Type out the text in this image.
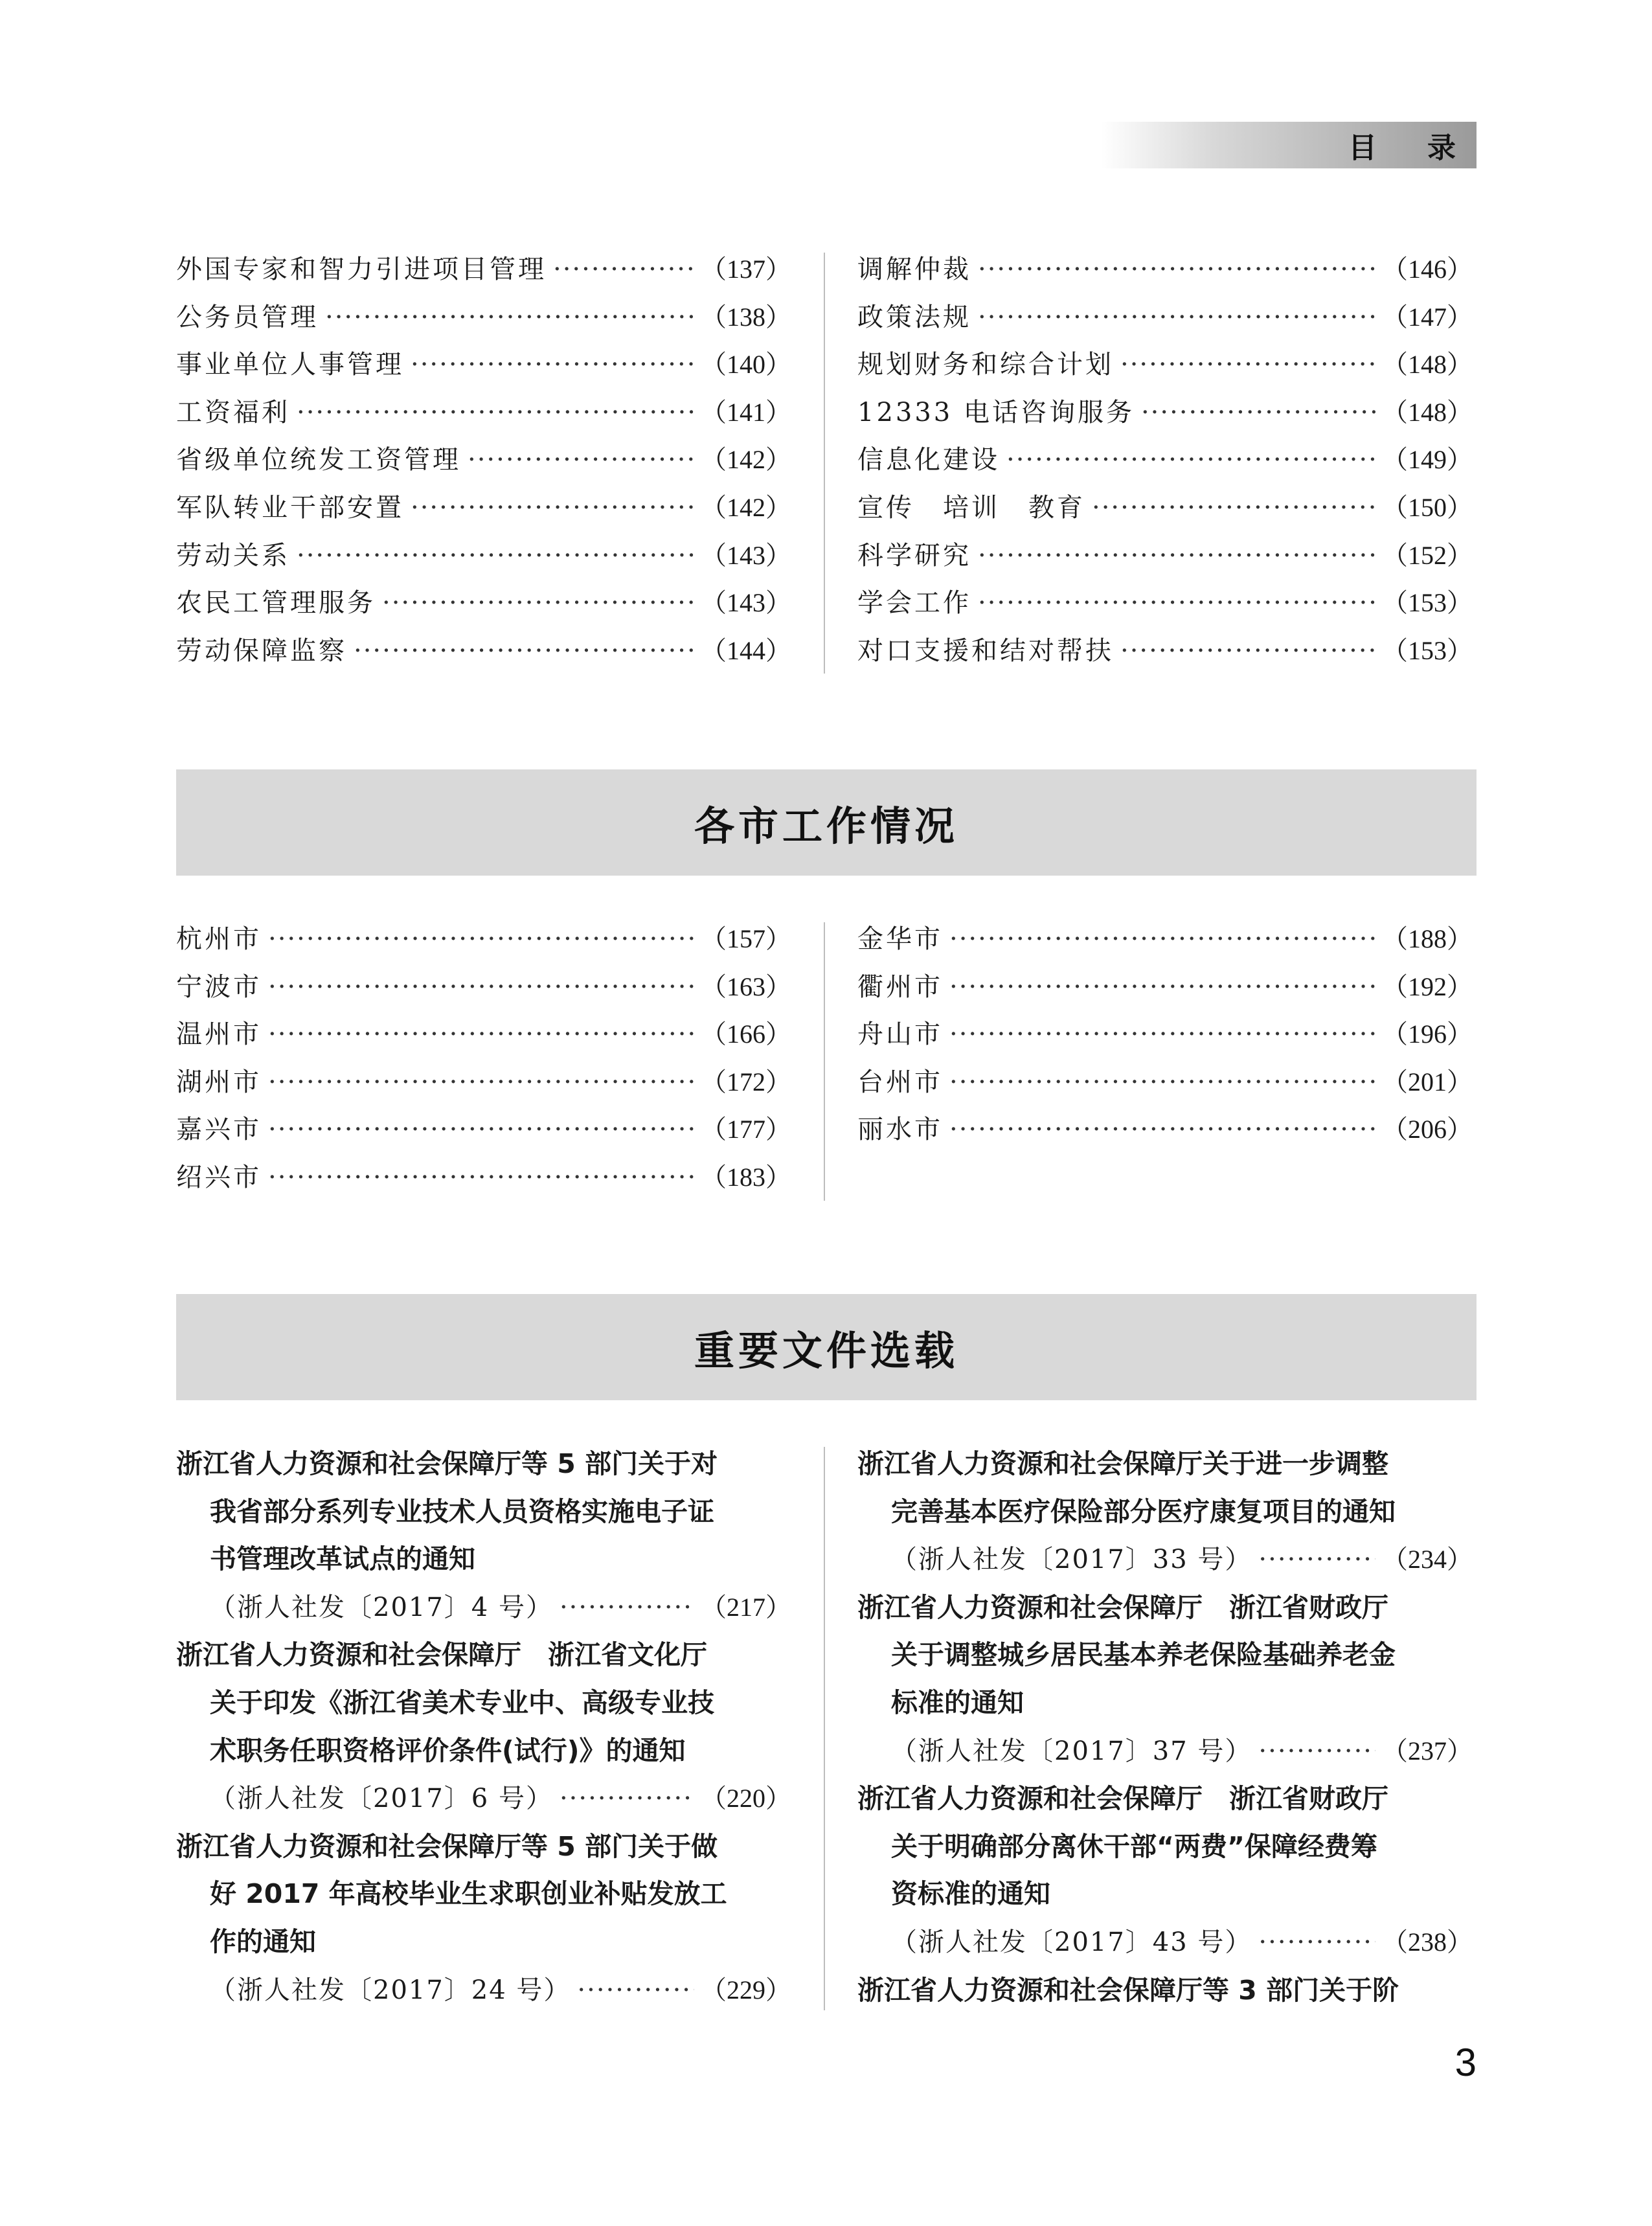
目 录
外国专家和智力引进项目管理 ·····	（137）
公务员管理 ·····	（138）
事业单位人事管理 ·····	（140）
工资福利 ·····	（141）
省级单位统发工资管理 ·····	（142）
军队转业干部安置 ·····	（142）
劳动关系 ·····	（143）
农民工管理服务 ·····	（143）
劳动保障监察 ·····	（144）
调解仲裁 ·····	（146）
政策法规 ·····	（147）
规划财务和综合计划 ·····	（148）
12333 电话咨询服务 ·····	（148）
信息化建设 ·····	（149）
宣传　培训　教育 ·····	（150）
科学研究 ·····	（152）
学会工作 ·····	（153）
对口支援和结对帮扶 ·····	（153）
各市工作情况
杭州市 ·····	（157）
宁波市 ·····	（163）
温州市 ·····	（166）
湖州市 ·····	（172）
嘉兴市 ·····	（177）
绍兴市 ·····	（183）
金华市 ·····	（188）
衢州市 ·····	（192）
舟山市 ·····	（196）
台州市 ·····	（201）
丽水市 ·····	（206）
重要文件选载
浙江省人力资源和社会保障厅等 5 部门关于对
我省部分系列专业技术人员资格实施电子证
书管理改革试点的通知
（浙人社发〔2017〕4 号） ·····	（217）
浙江省人力资源和社会保障厅　浙江省文化厅
关于印发《浙江省美术专业中、高级专业技
术职务任职资格评价条件(试行)》的通知
（浙人社发〔2017〕6 号） ·····	（220）
浙江省人力资源和社会保障厅等 5 部门关于做
好 2017 年高校毕业生求职创业补贴发放工
作的通知
（浙人社发〔2017〕24 号） ·····	（229）
浙江省人力资源和社会保障厅关于进一步调整
完善基本医疗保险部分医疗康复项目的通知
（浙人社发〔2017〕33 号） ·····	（234）
浙江省人力资源和社会保障厅　浙江省财政厅
关于调整城乡居民基本养老保险基础养老金
标准的通知
（浙人社发〔2017〕37 号） ·····	（237）
浙江省人力资源和社会保障厅　浙江省财政厅
关于明确部分离休干部“两费”保障经费筹
资标准的通知
（浙人社发〔2017〕43 号） ·····	（238）
浙江省人力资源和社会保障厅等 3 部门关于阶
3
